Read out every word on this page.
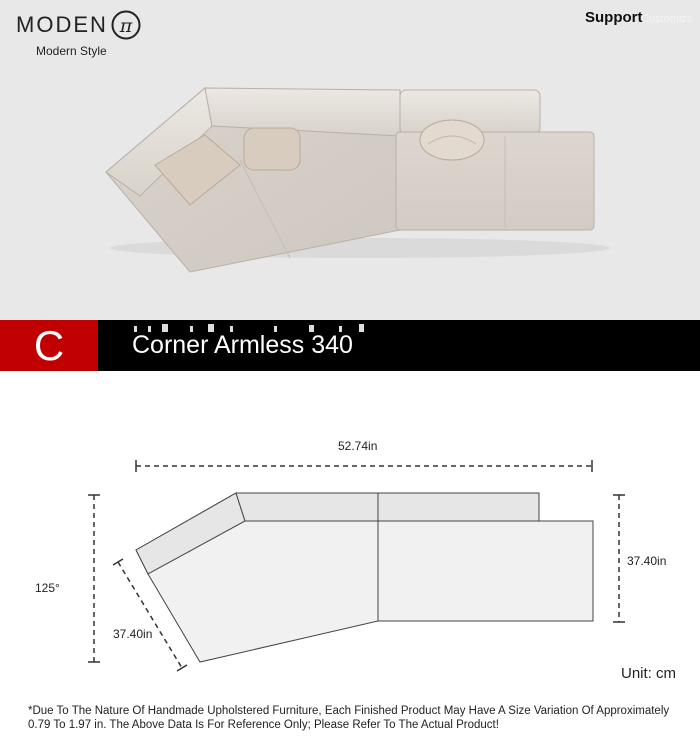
MODEN π
Modern Style
Support
Customize
C	Corner Armless 340
52.74in
125°
37.40in
37.40in
Unit: cm
*Due To The Nature Of Handmade Upholstered Furniture, Each Finished Product May Have A Size Variation Of Approximately 0.79 To 1.97 in. The Above Data Is For Reference Only; Please Refer To The Actual Product!
